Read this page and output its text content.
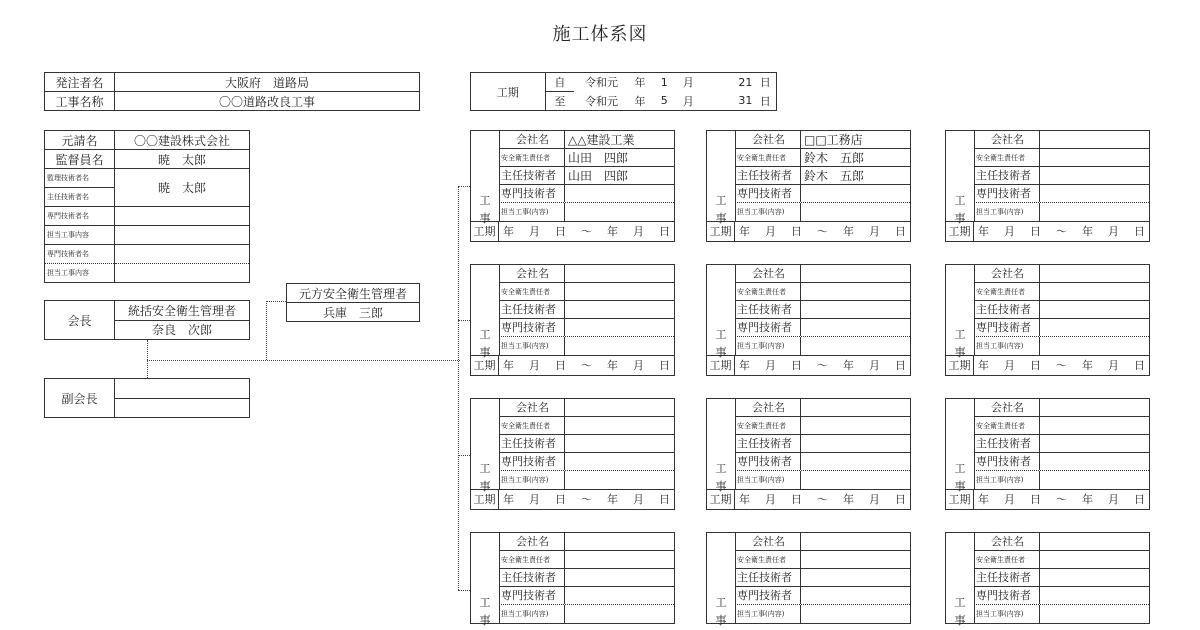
施工体系図
発注者名	大阪府　道路局
工事名称	〇〇道路改良工事
工期	自	令和元	年	1	月	21	日
	至	令和元	年	5	月	31	日
元請名	〇〇建設株式会社
監督員名	暁　太郎
監理技術者名	暁　太郎
主任技術者名	
専門技術者名	
担当工事内容	
専門技術者名	
担当工事内容	
会長	統括安全衛生管理者
奈良　次郎
元方安全衛生管理者
兵庫　三郎
副会長	

工
事
会社名	△△建設工業
安全衛生責任者	山田　四郎
主任技術者	山田　四郎
専門技術者
担当工事(内容)
工期 年 月 日 ～ 年 月 日
工
事
会社名	□□工務店
安全衛生責任者	鈴木　五郎
主任技術者	鈴木　五郎
専門技術者
担当工事(内容)
工期 年 月 日 ～ 年 月 日
工
事
会社名
安全衛生責任者
主任技術者
専門技術者
担当工事(内容)
工期 年 月 日 ～ 年 月 日
工
事
会社名
安全衛生責任者
主任技術者
専門技術者
担当工事(内容)
工期 年 月 日 ～ 年 月 日
工
事
会社名
安全衛生責任者
主任技術者
専門技術者
担当工事(内容)
工期 年 月 日 ～ 年 月 日
工
事
会社名
安全衛生責任者
主任技術者
専門技術者
担当工事(内容)
工期 年 月 日 ～ 年 月 日
工
事
会社名
安全衛生責任者
主任技術者
専門技術者
担当工事(内容)
工期 年 月 日 ～ 年 月 日
工
事
会社名
安全衛生責任者
主任技術者
専門技術者
担当工事(内容)
工期 年 月 日 ～ 年 月 日
工
事
会社名
安全衛生責任者
主任技術者
専門技術者
担当工事(内容)
工期 年 月 日 ～ 年 月 日
工
事
会社名
安全衛生責任者
主任技術者
専門技術者
担当工事(内容)
工
事
会社名
安全衛生責任者
主任技術者
専門技術者
担当工事(内容)
工
事
会社名
安全衛生責任者
主任技術者
専門技術者
担当工事(内容)
